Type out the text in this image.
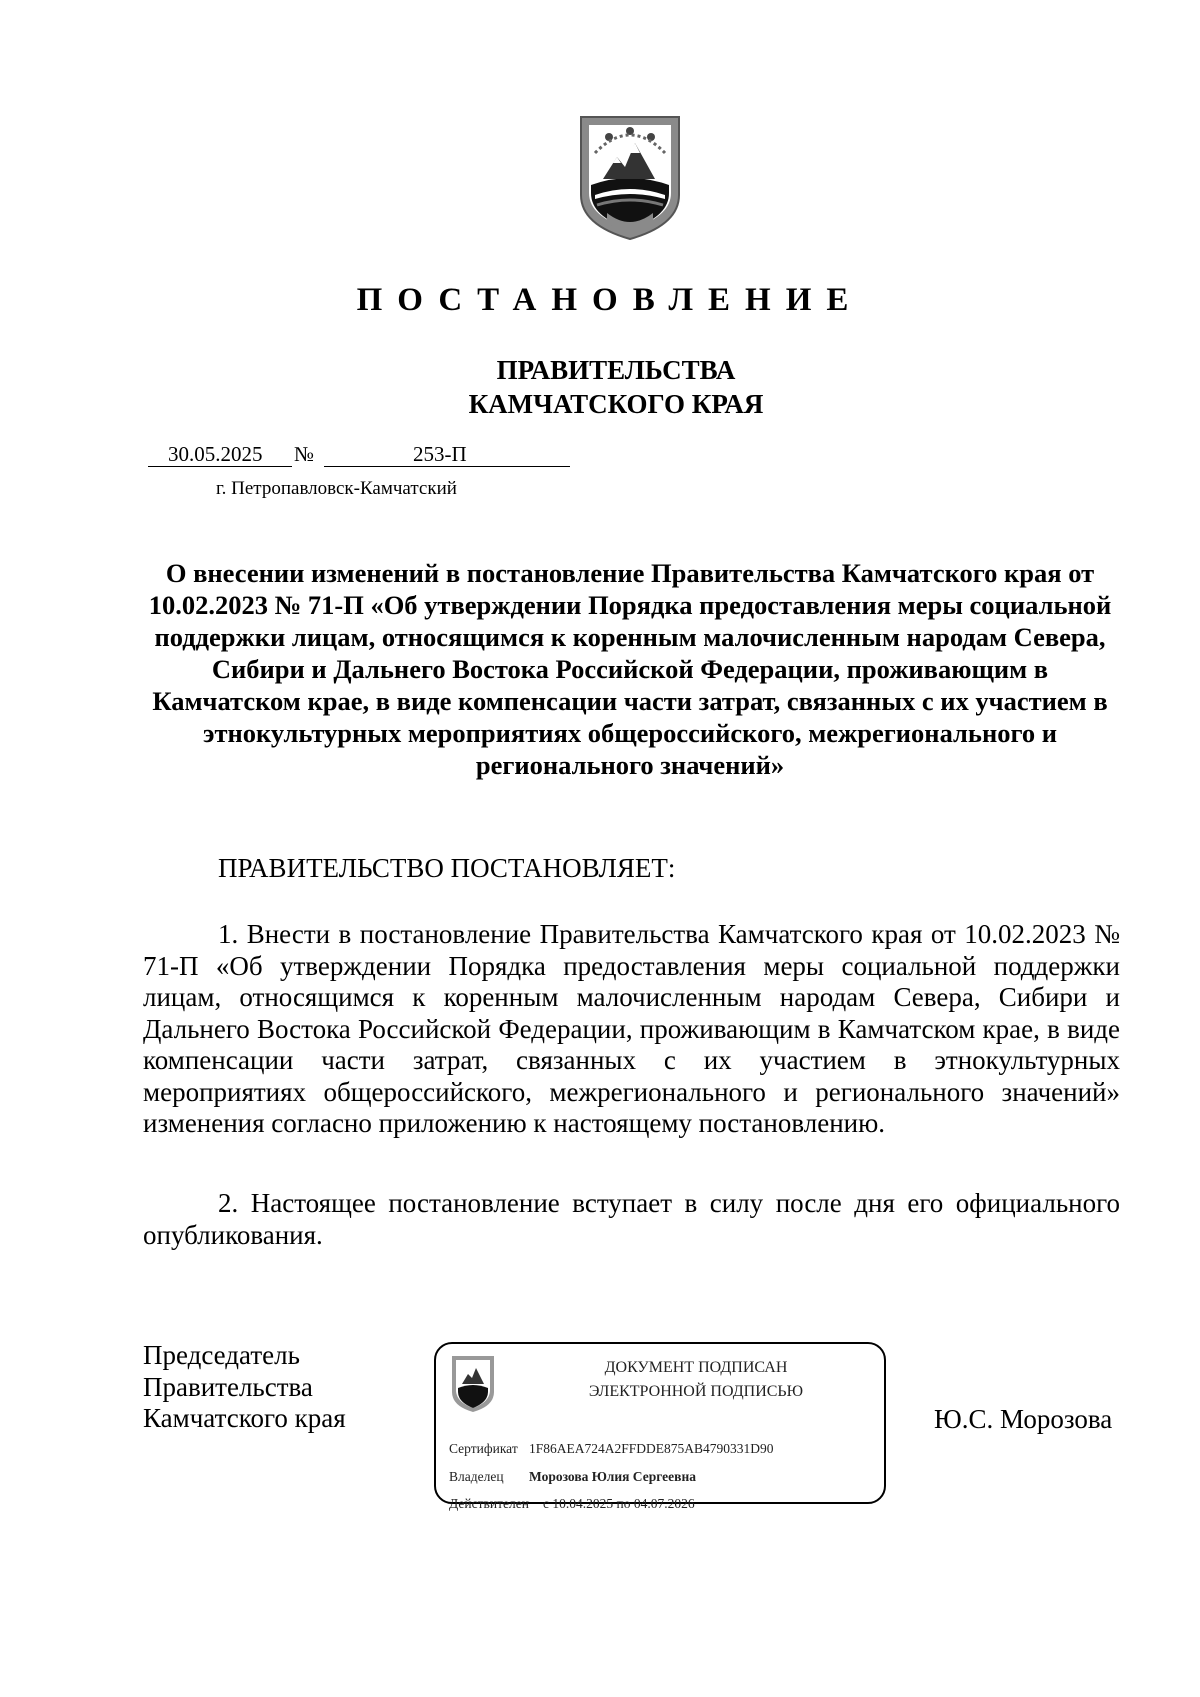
ПОСТАНОВЛЕНИЕ
ПРАВИТЕЛЬСТВА
КАМЧАТСКОГО КРАЯ
30.05.2025 №	253-П
г. Петропавловск-Камчатский
О внесении изменений в постановление Правительства Камчатского края от 10.02.2023 № 71-П «Об утверждении Порядка предоставления меры социальной поддержки лицам, относящимся к коренным малочисленным народам Севера, Сибири и Дальнего Востока Российской Федерации, проживающим в Камчатском крае, в виде компенсации части затрат, связанных с их участием в этнокультурных мероприятиях общероссийского, межрегионального и регионального значений»
ПРАВИТЕЛЬСТВО ПОСТАНОВЛЯЕТ:
1. Внести в постановление Правительства Камчатского края от 10.02.2023 № 71-П «Об утверждении Порядка предоставления меры социальной поддержки лицам, относящимся к коренным малочисленным народам Севера, Сибири и Дальнего Востока Российской Федерации, проживающим в Камчатском крае, в виде компенсации части затрат, связанных с их участием в этнокультурных мероприятиях общероссийского, межрегионального и регионального значений» изменения согласно приложению к настоящему постановлению.
2. Настоящее постановление вступает в силу после дня его официального опубликования.
Председатель
Правительства
Камчатского края
ДОКУМЕНТ ПОДПИСАН
ЭЛЕКТРОННОЙ ПОДПИСЬЮ
Сертификат 1F86AEA724A2FFDDE875AB4790331D90
Владелец Морозова Юлия Сергеевна
Действителен с 10.04.2025 по 04.07.2026
Ю.С. Морозова
